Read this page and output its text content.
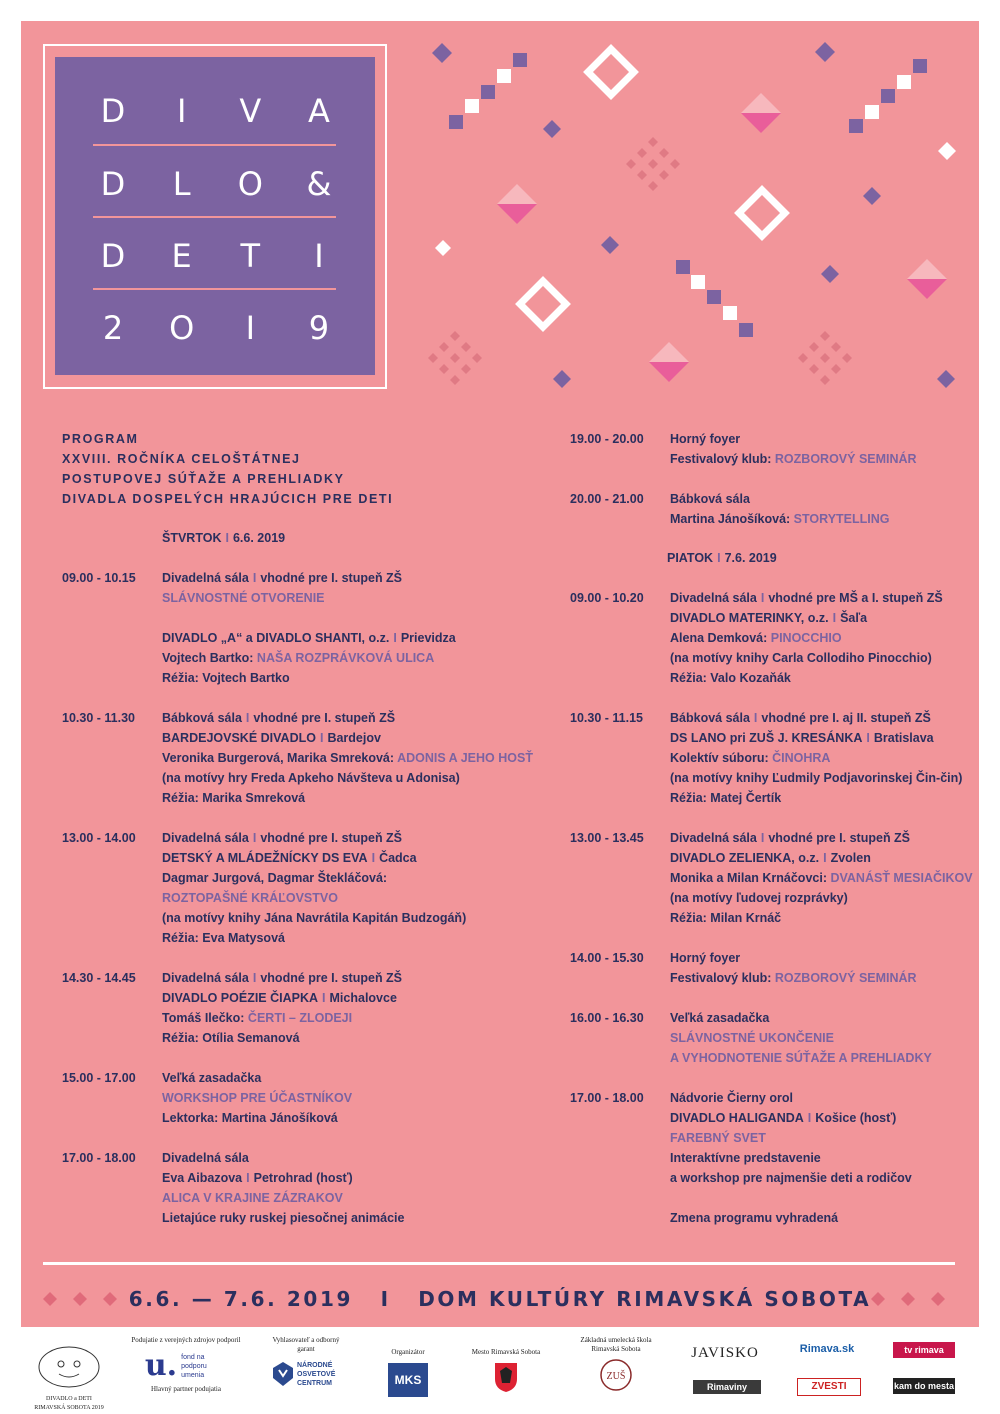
D	I	V A
D	L	O &
D	E	T	I
2	O	I	9
PROGRAM
XXVIII. ROČNÍKA CELOŠTÁTNEJ
POSTUPOVEJ SÚŤAŽE A PREHLIADKY
DIVADLA DOSPELÝCH HRAJÚCICH PRE DETI
ŠTVRTOK I 6.6. 2019
PIATOK I 7.6. 2019
09.00 - 10.15	Divadelná sála I vhodné pre I. stupeň ZŠ
SLÁVNOSTNÉ OTVORENIE

DIVADLO „A“ a DIVADLO SHANTI, o.z. I Prievidza
Vojtech Bartko: NAŠA ROZPRÁVKOVÁ ULICA
Réžia: Vojtech Bartko
10.30 - 11.30	Bábková sála I vhodné pre I. stupeň ZŠ
BARDEJOVSKÉ DIVADLO I Bardejov
Veronika Burgerová, Marika Smreková: ADONIS A JEHO HOSŤ
(na motívy hry Freda Apkeho Návšteva u Adonisa)
Réžia: Marika Smreková
13.00 - 14.00	Divadelná sála I vhodné pre I. stupeň ZŠ
DETSKÝ A MLÁDEŽNÍCKY DS EVA I Čadca
Dagmar Jurgová, Dagmar Štekláčová:
ROZTOPAŠNÉ KRÁĽOVSTVO
(na motívy knihy Jána Navrátila Kapitán Budzogáň)
Réžia: Eva Matysová
14.30 - 14.45	Divadelná sála I vhodné pre I. stupeň ZŠ
DIVADLO POÉZIE ČIAPKA I Michalovce
Tomáš Ilečko: ČERTI – ZLODEJI
Réžia: Otília Semanová
15.00 - 17.00	Veľká zasadačka
WORKSHOP PRE ÚČASTNÍKOV
Lektorka: Martina Jánošíková
17.00 - 18.00	Divadelná sála
Eva Aibazova I Petrohrad (hosť)
ALICA V KRAJINE ZÁZRAKOV
Lietajúce ruky ruskej piesočnej animácie
19.00 - 20.00	Horný foyer
Festivalový klub: ROZBOROVÝ SEMINÁR
20.00 - 21.00	Bábková sála
Martina Jánošíková: STORYTELLING
09.00 - 10.20	Divadelná sála I vhodné pre MŠ a I. stupeň ZŠ
DIVADLO MATERINKY, o.z. I Šaľa
Alena Demková: PINOCCHIO
(na motívy knihy Carla Collodiho Pinocchio)
Réžia: Valo Kozaňák
10.30 - 11.15	Bábková sála I vhodné pre I. aj II. stupeň ZŠ
DS LANO pri ZUŠ J. KRESÁNKA I Bratislava
Kolektív súboru: ČINOHRA
(na motívy knihy Ľudmily Podjavorinskej Čin-čin)
Réžia: Matej Čertík
13.00 - 13.45	Divadelná sála I vhodné pre I. stupeň ZŠ
DIVADLO ZELIENKA, o.z. I Zvolen
Monika a Milan Krnáčovci: DVANÁSŤ MESIAČIKOV
(na motívy ľudovej rozprávky)
Réžia: Milan Krnáč
14.00 - 15.30	Horný foyer
Festivalový klub: ROZBOROVÝ SEMINÁR
16.00 - 16.30	Veľká zasadačka
SLÁVNOSTNÉ UKONČENIE
A VYHODNOTENIE SÚŤAŽE A PREHLIADKY
17.00 - 18.00	Nádvorie Čierny orol
DIVADLO HALIGANDA I Košice (hosť)
FAREBNÝ SVET
Interaktívne predstavenie
a workshop pre najmenšie deti a rodičov

Zmena programu vyhradená
6.6. — 7.6. 2019 I DOM KULTÚRY RIMAVSKÁ SOBOTA
DIVADLO a DETI RIMAVSKÁ SOBOTA 2019
Podujatie z verejných zdrojov podporil
u. fond na podporu umenia
Hlavný partner podujatia
Vyhlasovateľ a odborný garant
NÁRODNÉ OSVETOVÉ CENTRUM
Organizátor
MKS
Mesto Rimavská Sobota
Základná umelecká škola Rimavská Sobota
ZUŠ
JAVISKO
Rimaviny
Rimava.sk
ZVESTI
tv rimava
kam do mesta
